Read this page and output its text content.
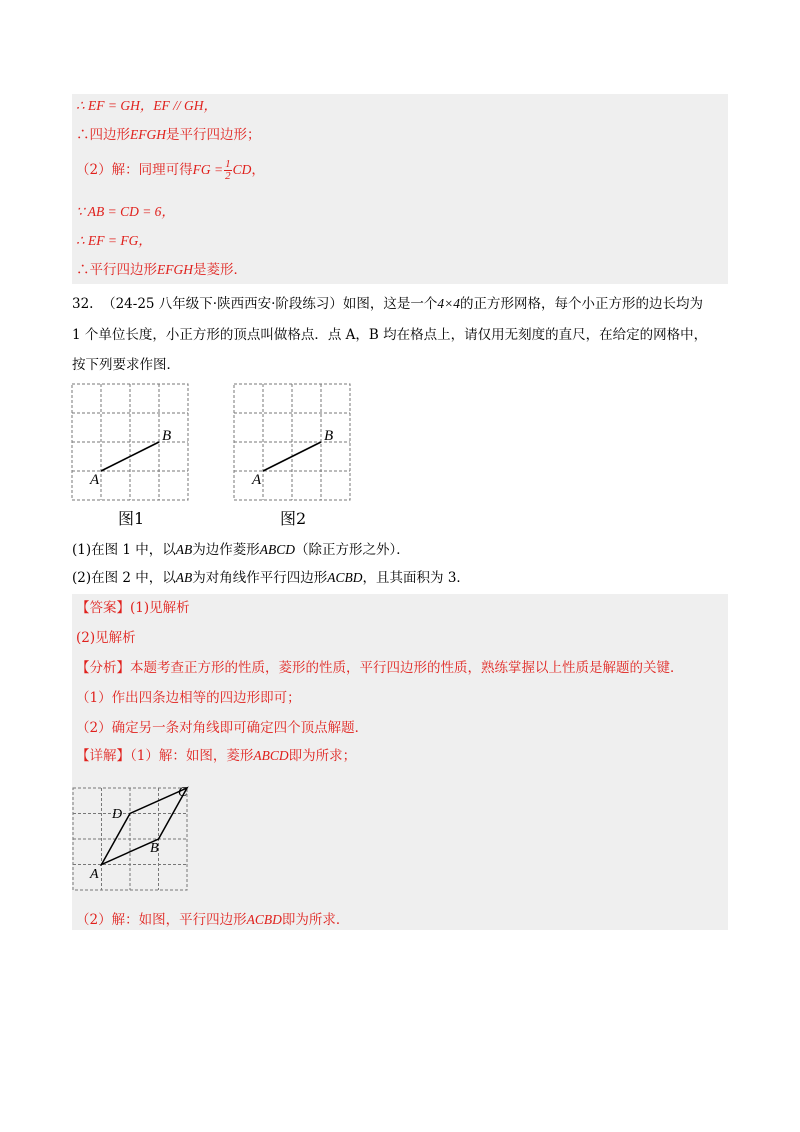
∴ EF = GH，EF // GH，
∴四边形EFGH是平行四边形；
（2）解：同理可得FG = $\frac{1}{2}$ CD，
∵ AB = CD = 6，
∴ EF = FG，
∴平行四边形EFGH是菱形．
32. （24-25 八年级下·陕西西安·阶段练习）如图，这是一个4×4的正方形网格，每个小正方形的边长均为
1 个单位长度，小正方形的顶点叫做格点．点 A，B 均在格点上，请仅用无刻度的直尺，在给定的网格中，
按下列要求作图．
A
B
图1
A
B
图2
(1)在图 1 中，以AB为边作菱形ABCD（除正方形之外）．
(2)在图 2 中，以AB为对角线作平行四边形ACBD，且其面积为 3．
【答案】(1)见解析
(2)见解析
【分析】本题考查正方形的性质，菱形的性质，平行四边形的性质，熟练掌握以上性质是解题的关键．
（1）作出四条边相等的四边形即可；
（2）确定另一条对角线即可确定四个顶点解题．
【详解】（1）解：如图，菱形ABCD即为所求；
A
B
C
D
（2）解：如图，平行四边形ACBD即为所求．
